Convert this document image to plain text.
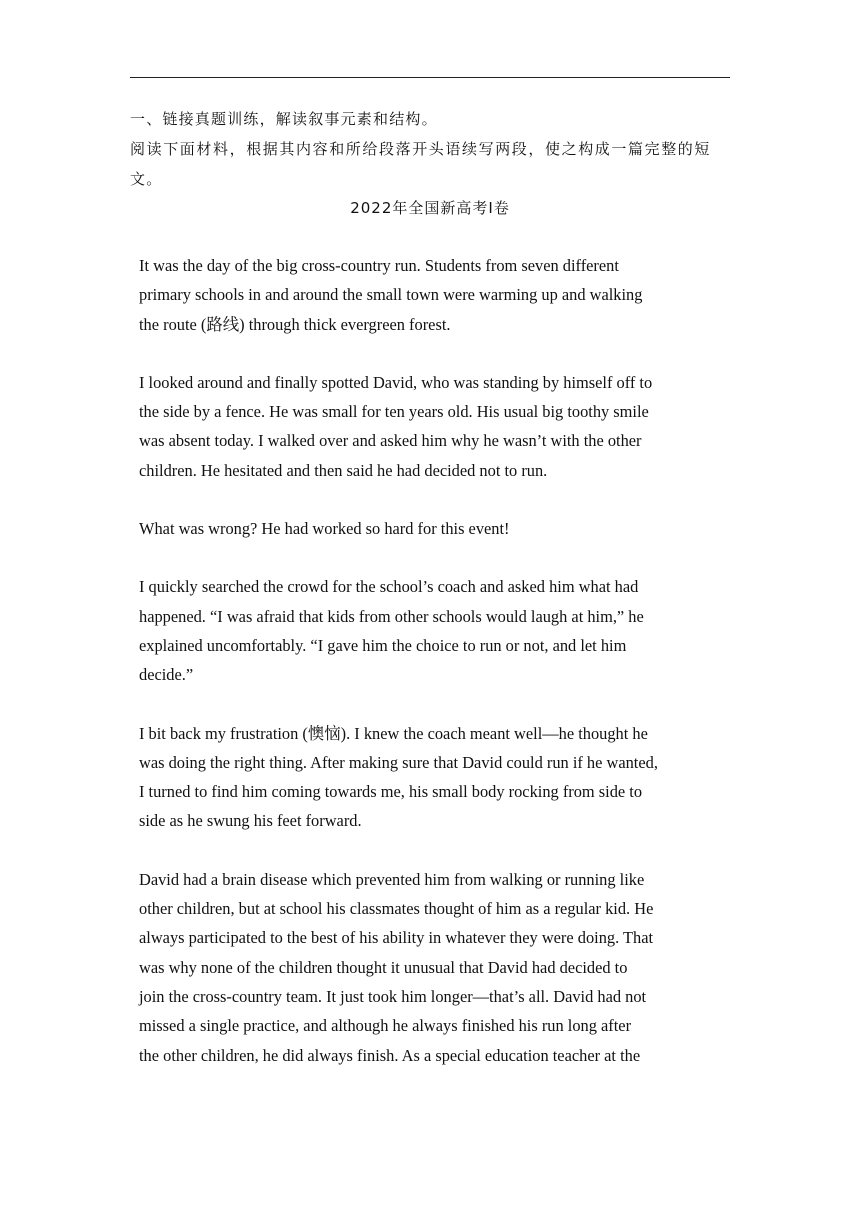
一、链接真题训练，解读叙事元素和结构。
阅读下面材料，根据其内容和所给段落开头语续写两段，使之构成一篇完整的短
文。
2022年全国新高考I卷
It was the day of the big cross-country run. Students from seven different
primary schools in and around the small town were warming up and walking
the route (路线) through thick evergreen forest.
I looked around and finally spotted David, who was standing by himself off to
the side by a fence. He was small for ten years old. His usual big toothy smile
was absent today. I walked over and asked him why he wasn’t with the other
children. He hesitated and then said he had decided not to run.
What was wrong? He had worked so hard for this event!
I quickly searched the crowd for the school’s coach and asked him what had
happened. “I was afraid that kids from other schools would laugh at him,” he
explained uncomfortably. “I gave him the choice to run or not, and let him
decide.”
I bit back my frustration (懊恼). I knew the coach meant well—he thought he
was doing the right thing. After making sure that David could run if he wanted,
I turned to find him coming towards me, his small body rocking from side to
side as he swung his feet forward.
David had a brain disease which prevented him from walking or running like
other children, but at school his classmates thought of him as a regular kid. He
always participated to the best of his ability in whatever they were doing. That
was why none of the children thought it unusual that David had decided to
join the cross-country team. It just took him longer—that’s all. David had not
missed a single practice, and although he always finished his run long after
the other children, he did always finish. As a special education teacher at the
